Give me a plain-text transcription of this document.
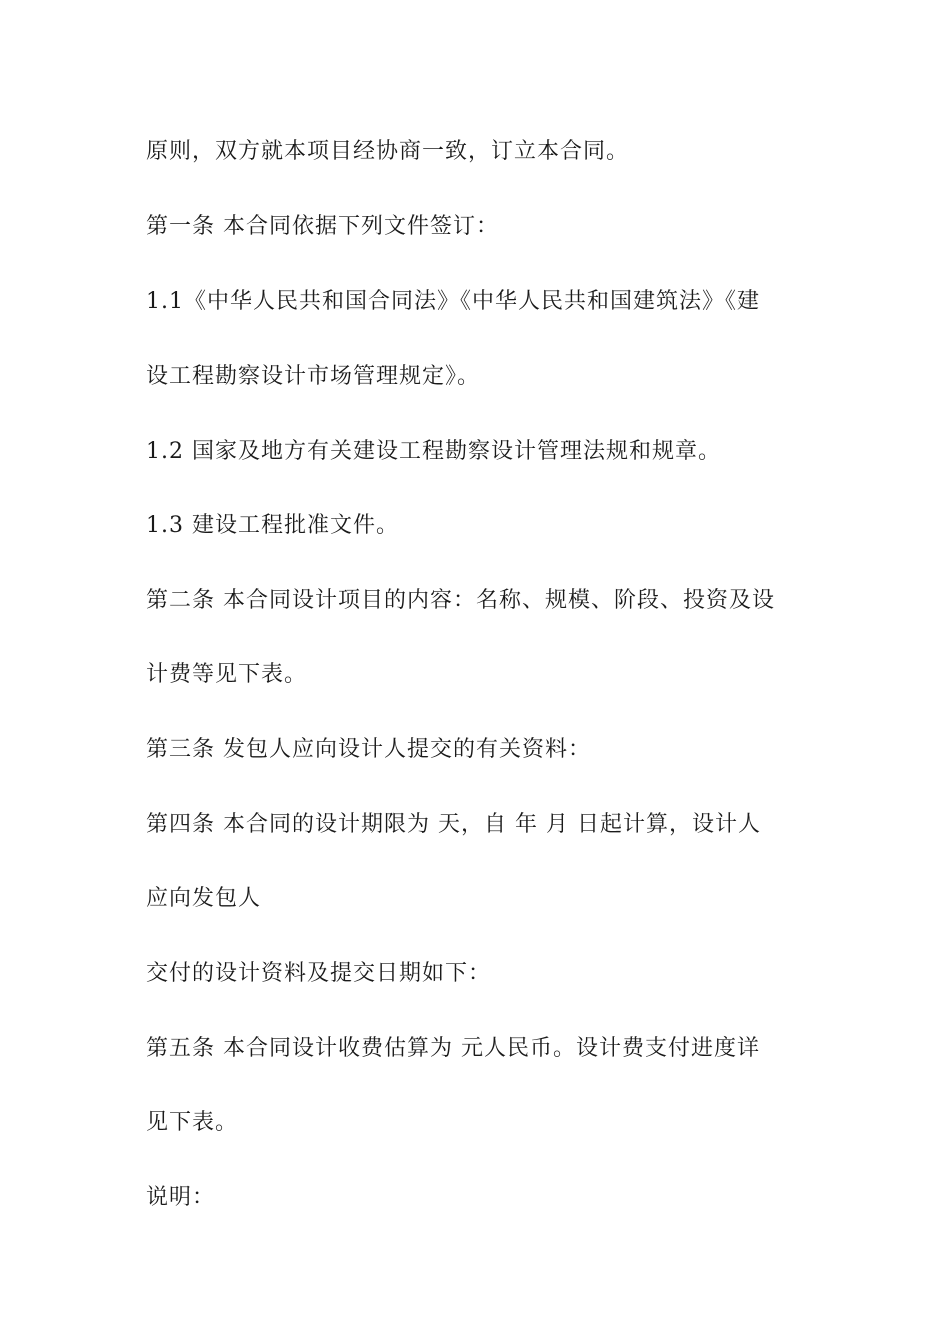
原则，双方就本项目经协商一致，订立本合同。
第一条 本合同依据下列文件签订：
1.1《中华人民共和国合同法》《中华人民共和国建筑法》《建
设工程勘察设计市场管理规定》。
1.2 国家及地方有关建设工程勘察设计管理法规和规章。
1.3 建设工程批准文件。
第二条 本合同设计项目的内容：名称、规模、阶段、投资及设
计费等见下表。
第三条 发包人应向设计人提交的有关资料：
第四条 本合同的设计期限为 天，自 年 月 日起计算，设计人
应向发包人
交付的设计资料及提交日期如下：
第五条 本合同设计收费估算为 元人民币。设计费支付进度详
见下表。
说明：
